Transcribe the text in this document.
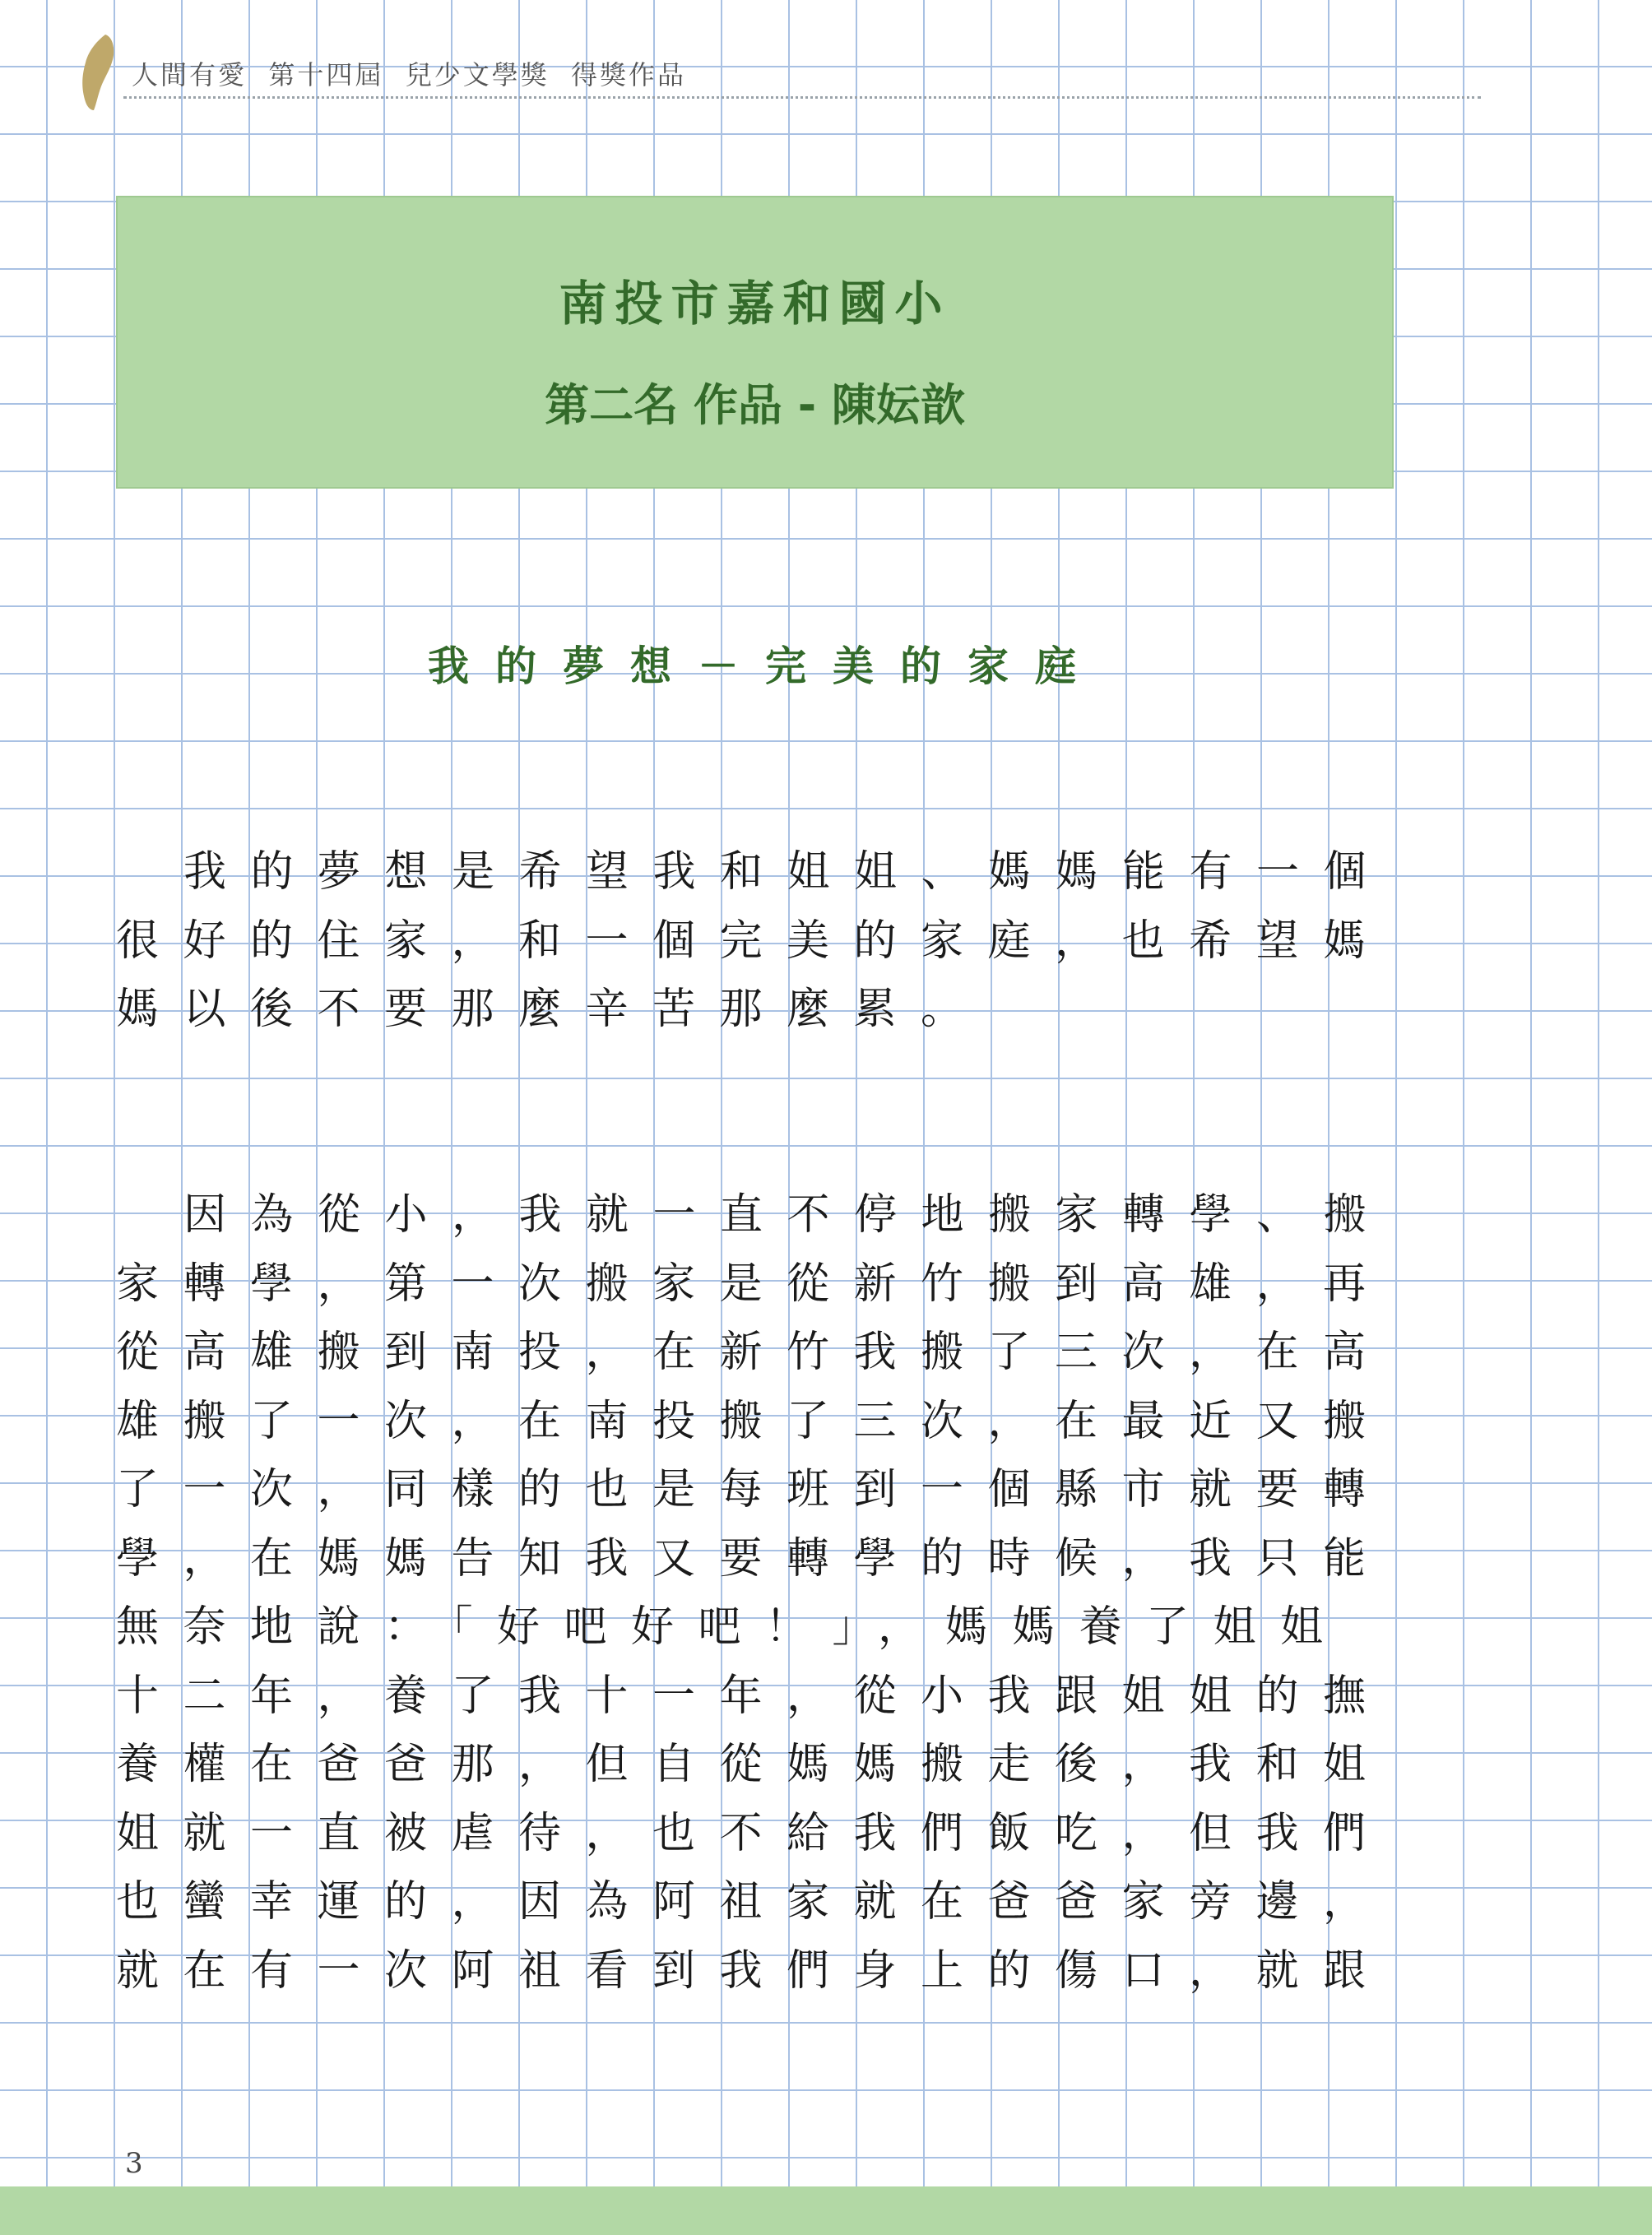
人間有愛  第十四屆  兒少文學獎  得獎作品
南投市嘉和國小
第二名 作品 - 陳妘歆
我的夢想－完美的家庭
我的夢想是希望我和姐姐、媽媽能有一個
很好的住家，和一個完美的家庭，也希望媽
媽以後不要那麼辛苦那麼累。
因為從小，我就一直不停地搬家轉學、搬
家轉學，第一次搬家是從新竹搬到高雄，再
從高雄搬到南投，在新竹我搬了三次，在高
雄搬了一次，在南投搬了三次，在最近又搬
了一次，同樣的也是每班到一個縣市就要轉
學，在媽媽告知我又要轉學的時候，我只能
無奈地說：「好吧好吧！」，媽媽養了姐姐
十二年，養了我十一年，從小我跟姐姐的撫
養權在爸爸那，但自從媽媽搬走後，我和姐
姐就一直被虐待，也不給我們飯吃，但我們
也蠻幸運的，因為阿祖家就在爸爸家旁邊，
就在有一次阿祖看到我們身上的傷口，就跟
3
